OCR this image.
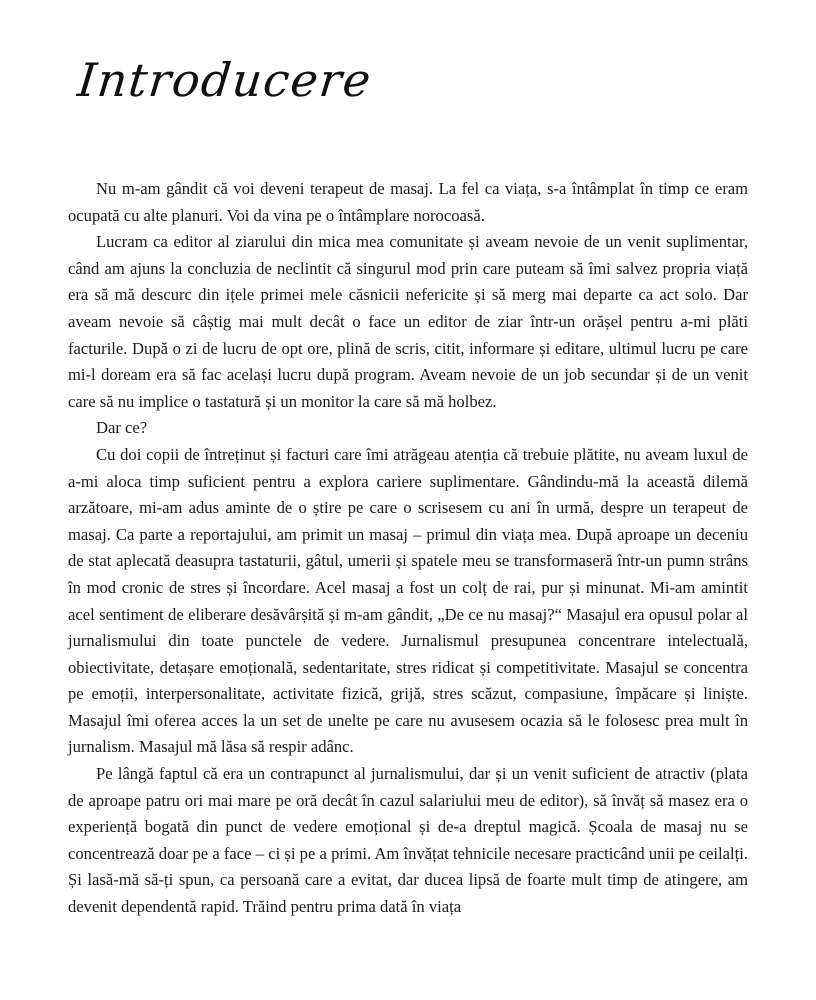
Introducere

Nu m-am gândit că voi deveni terapeut de masaj. La fel ca viața, s-a întâmplat în timp ce eram ocupată cu alte planuri. Voi da vina pe o întâmplare norocoasă.

Lucram ca editor al ziarului din mica mea comunitate și aveam nevoie de un venit suplimentar, când am ajuns la concluzia de neclintit că singurul mod prin care puteam să îmi salvez propria viață era să mă descurc din ițele primei mele căsnicii nefericite și să merg mai departe ca act solo. Dar aveam nevoie să câștig mai mult decât o face un editor de ziar într-un orășel pentru a-mi plăti facturile. După o zi de lucru de opt ore, plină de scris, citit, informare și editare, ultimul lucru pe care mi-l doream era să fac același lucru după program. Aveam nevoie de un job secundar și de un venit care să nu implice o tastatură și un monitor la care să mă holbez.

Dar ce?

Cu doi copii de întreținut și facturi care îmi atrăgeau atenția că trebuie plătite, nu aveam luxul de a-mi aloca timp suficient pentru a explora cariere suplimentare. Gândindu-mă la această dilemă arzătoare, mi-am adus aminte de o știre pe care o scrisesem cu ani în urmă, despre un terapeut de masaj. Ca parte a reportajului, am primit un masaj – primul din viața mea. După aproape un deceniu de stat aplecată deasupra tastaturii, gâtul, umerii și spatele meu se transformaseră într-un pumn strâns în mod cronic de stres și încordare. Acel masaj a fost un colț de rai, pur și minunat. Mi-am amintit acel sentiment de eliberare desăvârșită și m-am gândit, „De ce nu masaj?“ Masajul era opusul polar al jurnalismului din toate punctele de vedere. Jurnalismul presupunea concentrare intelectuală, obiectivitate, detașare emoțională, sedentaritate, stres ridicat și competitivitate. Masajul se concentra pe emoții, interpersonalitate, activitate fizică, grijă, stres scăzut, compasiune, împăcare și liniște. Masajul îmi oferea acces la un set de unelte pe care nu avusesem ocazia să le folosesc prea mult în jurnalism. Masajul mă lăsa să respir adânc.

Pe lângă faptul că era un contrapunct al jurnalismului, dar și un venit suficient de atractiv (plata de aproape patru ori mai mare pe oră decât în cazul salariului meu de editor), să învăț să masez era o experiență bogată din punct de vedere emoțional și de-a dreptul magică. Școala de masaj nu se concentrează doar pe a face – ci și pe a primi. Am învățat tehnicile necesare practicând unii pe ceilalți. Și lasă-mă să-ți spun, ca persoană care a evitat, dar ducea lipsă de foarte mult timp de atingere, am devenit dependentă rapid. Trăind pentru prima dată în viața
